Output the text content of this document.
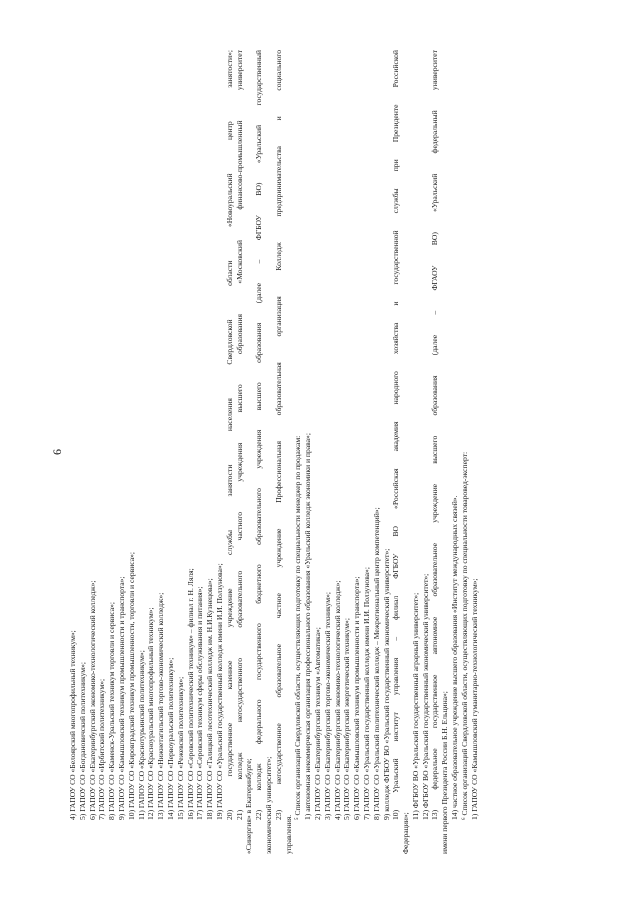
6
4) ГАПОУ СО «Белоярский многопрофильный техникум»; 5) ГАПОУ СО «Богдановичский политехникум»; 6) ГАПОУ СО «Екатеринбургский экономико-технологический колледж»; 7) ГАПОУ СО «Ирбитский политехникум»; 8) ГАПОУ СО «Каменск-Уральский техникум торговли и сервиса»; 9) ГАПОУ СО «Камышловский техникум промышленности и транспорта»; 10) ГАПОУ СО «Кировградский техникум промышленности, торговли и сервиса»; 11) ГАПОУ СО «Краснотурьинский политехникум»; 12) ГАПОУ СО «Красноуральский многопрофильный техникум»; 13) ГАПОУ СО «Нижнетагильский торгово-экономический колледж»; 14) ГАПОУ СО «Первоуральский политехникум»; 15) ГАПОУ СО «Режевской политехникум»; 16) ГАПОУ СО «Серовский политехнический техникум» – филиал г. Н. Ляля; 17) ГАПОУ СО «Серовский техникум сферы обслуживания и питания»; 18) ГАПОУ СО «Талицкий лесотехнический колледж им. Н.И.Кузнецова»; 19) ГАПОУ СО «Уральский государственный колледж имени И.И. Ползунова»; 20) государственное казенное учреждение службы занятости населения Свердловской области «Новоуральский центр занятости»; 21) колледж негосударственного образовательного частного учреждения высшего образования «Московский финансово-промышленный университет «Синергия» в Екатеринбурге; 22) колледж федерального государственного бюджетного образовательного учреждения высшего образования (далее – ФГБОУ ВО) «Уральский государственный экономический университет»; 23) негосударственное образовательное частное учреждение Профессиональная образовательная организация Колледж предпринимательства и социального
управления.
⁵ Список организаций Свердловской области, осуществляющих подготовку по специальности менеджер по продажам: 1) автономная некоммерческая организация профессионального образования «Уральский колледж экономики и права»; 2) ГАПОУ СО «Екатеринбургский техникум «Автоматика»; 3) ГАПОУ СО «Екатеринбургский торгово-экономический техникум»; 4) ГАПОУ СО «Екатеринбургский экономико-технологический колледж»; 5) ГАПОУ СО «Екатеринбургский энергетический техникум»; 6) ГАПОУ СО «Камышловский техникум промышленности и транспорта»; 7) ГАПОУ СО «Уральский государственный колледж имени И.И. Ползунова»; 8) ГАПОУ СО «Уральский политехнический колледж – Межрегиональный центр компетенций»; 9) колледж ФГБОУ ВО «Уральский государственный экономический университет»; 10) Уральский институт управления – филиал ФГБОУ ВО «Российская академия народного хозяйства и государственной службы при Президенте Российской
Федерации»;
11) ФГБОУ ВО «Уральский государственный аграрный университет»; 12) ФГБОУ ВО «Уральский государственный экономический университет»; 13) федеральное государственное автономное образовательное учреждение высшего образования (далее – ФГАОУ ВО) «Уральский федеральный университет имени первого Президента России Б.Н. Ельцина»; 14) частное образовательное учреждение высшего образования «Институт международных связей». ⁶ Список организаций Свердловской области, осуществляющих подготовку по специальности товаровед-эксперт: 1) ГАПОУ СО «Камышловский гуманитарно-технологический техникум»;
